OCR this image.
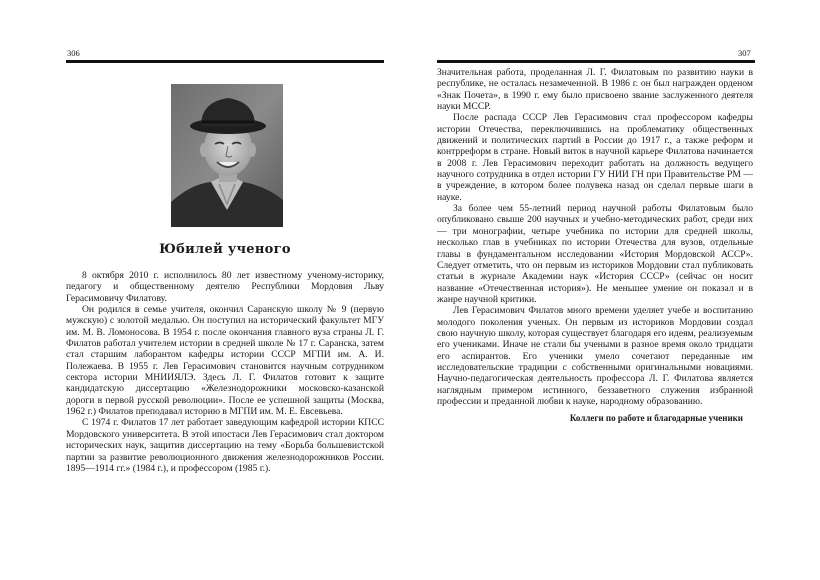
306
Юбилей ученого

8 октября 2010 г. исполнилось 80 лет известному ученому-историку, педагогу и общественному деятелю Республики Мордовия Льву Герасимовичу Филатову.

Он родился в семье учителя, окончил Саранскую школу № 9 (первую мужскую) с золотой медалью. Он поступил на исторический факультет МГУ им. М. В. Ломоносова. В 1954 г. после окончания главного вуза страны Л. Г. Филатов работал учителем истории в средней школе № 17 г. Саранска, затем стал старшим лаборантом кафедры истории СССР МГПИ им. А. И. Полежаева. В 1955 г. Лев Герасимович становится научным сотрудником сектора истории МНИИЯЛЭ. Здесь Л. Г. Филатов готовит к защите кандидатскую диссертацию «Железнодорожники московско-казанской дороги в первой русской революции». После ее успешной защиты (Москва, 1962 г.) Филатов преподавал историю в МГПИ им. М. Е. Евсевьева.

С 1974 г. Филатов 17 лет работает заведующим кафедрой истории КПСС Мордовского университета. В этой ипостаси Лев Герасимович стал доктором исторических наук, защитив диссертацию на тему «Борьба большевистской партии за развитие революционного движения железнодорожников России. 1895—1914 гг.» (1984 г.), и профессором (1985 г.).

307

Значительная работа, проделанная Л. Г. Филатовым по развитию науки в республике, не осталась незамеченной. В 1986 г. он был награжден орденом «Знак Почета», в 1990 г. ему было присвоено звание заслуженного деятеля науки МССР.

После распада СССР Лев Герасимович стал профессором кафедры истории Отечества, переключившись на проблематику общественных движений и политических партий в России до 1917 г., а также реформ и контрреформ в стране. Новый виток в научной карьере Филатова начинается в 2008 г. Лев Герасимович переходит работать на должность ведущего научного сотрудника в отдел истории ГУ НИИ ГН при Правительстве РМ — в учреждение, в котором более полувека назад он сделал первые шаги в науке.

За более чем 55-летний период научной работы Филатовым было опубликовано свыше 200 научных и учебно-методических работ, среди них — три монографии, четыре учебника по истории для средней школы, несколько глав в учебниках по истории Отечества для вузов, отдельные главы в фундаментальном исследовании «История Мордовской АССР». Следует отметить, что он первым из историков Мордовии стал публиковать статьи в журнале Академии наук «История СССР» (сейчас он носит название «Отечественная история»). Не меньшее умение он показал и в жанре научной критики.

Лев Герасимович Филатов много времени уделяет учебе и воспитанию молодого поколения ученых. Он первым из историков Мордовии создал свою научную школу, которая существует благодаря его идеям, реализуемым его учениками. Иначе не стали бы учеными в разное время около тридцати его аспирантов. Его ученики умело сочетают переданные им исследовательские традиции с собственными оригинальными новациями. Научно-педагогическая деятельность профессора Л. Г. Филатова является наглядным примером истинного, беззаветного служения избранной профессии и преданной любви к науке, народному образованию.

Коллеги по работе и благодарные ученики
